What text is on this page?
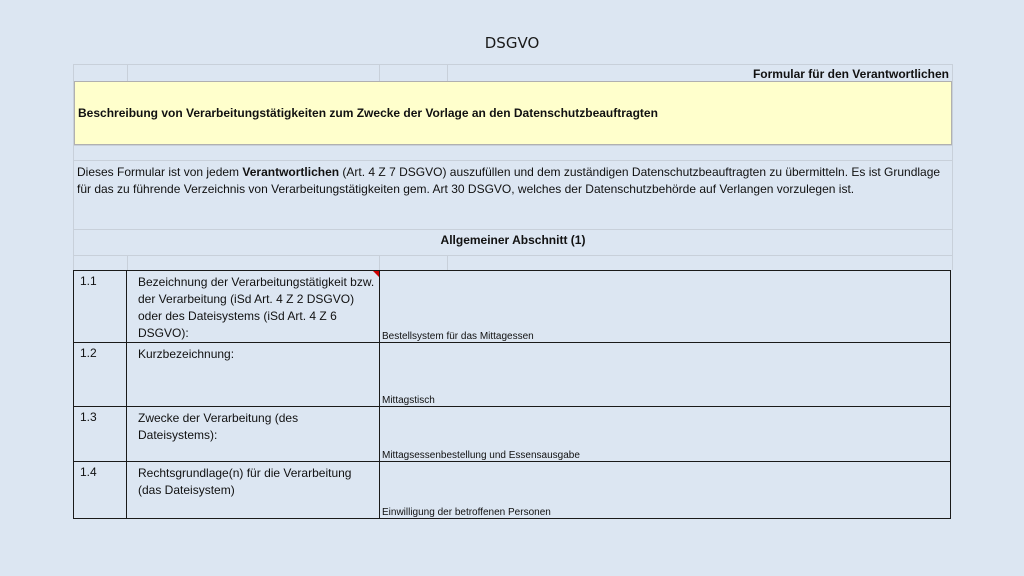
DSGVO
Formular für den Verantwortlichen
Beschreibung von Verarbeitungstätigkeiten zum Zwecke der Vorlage an den Datenschutzbeauftragten
Dieses Formular ist von jedem Verantwortlichen (Art. 4 Z 7 DSGVO) auszufüllen und dem zuständigen Datenschutzbeauftragten zu übermitteln. Es ist Grundlage für das zu führende Verzeichnis von Verarbeitungstätigkeiten gem. Art 30 DSGVO, welches der Datenschutzbehörde auf Verlangen vorzulegen ist.
Allgemeiner Abschnitt (1)
1.1	Bezeichnung der Verarbeitungstätigkeit bzw. der Verarbeitung (iSd Art. 4 Z 2 DSGVO) oder des Dateisystems (iSd Art. 4 Z 6 DSGVO):	Bestellsystem für das Mittagessen

1.2	Kurzbezeichnung:	Mittagstisch

1.3	Zwecke der Verarbeitung (des Dateisystems):	Mittagsessenbestellung und Essensausgabe

1.4	Rechtsgrundlage(n) für die Verarbeitung (das Dateisystem)	Einwilligung der betroffenen Personen
